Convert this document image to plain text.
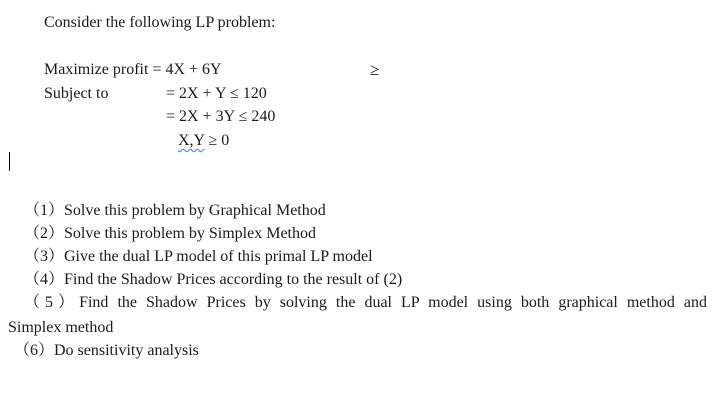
Consider the following LP problem:
Maximize profit = 4X + 6Y	≥
Subject to	= 2X + Y ≤ 120
= 2X + 3Y ≤ 240
X,Y ≥ 0
（1）Solve this problem by Graphical Method
（2）Solve this problem by Simplex Method
（3）Give the dual LP model of this primal LP model
（4）Find the Shadow Prices according to the result of (2)
（5）Find the Shadow Prices by solving the dual LP model using both graphical method and
Simplex method
（6）Do sensitivity analysis
